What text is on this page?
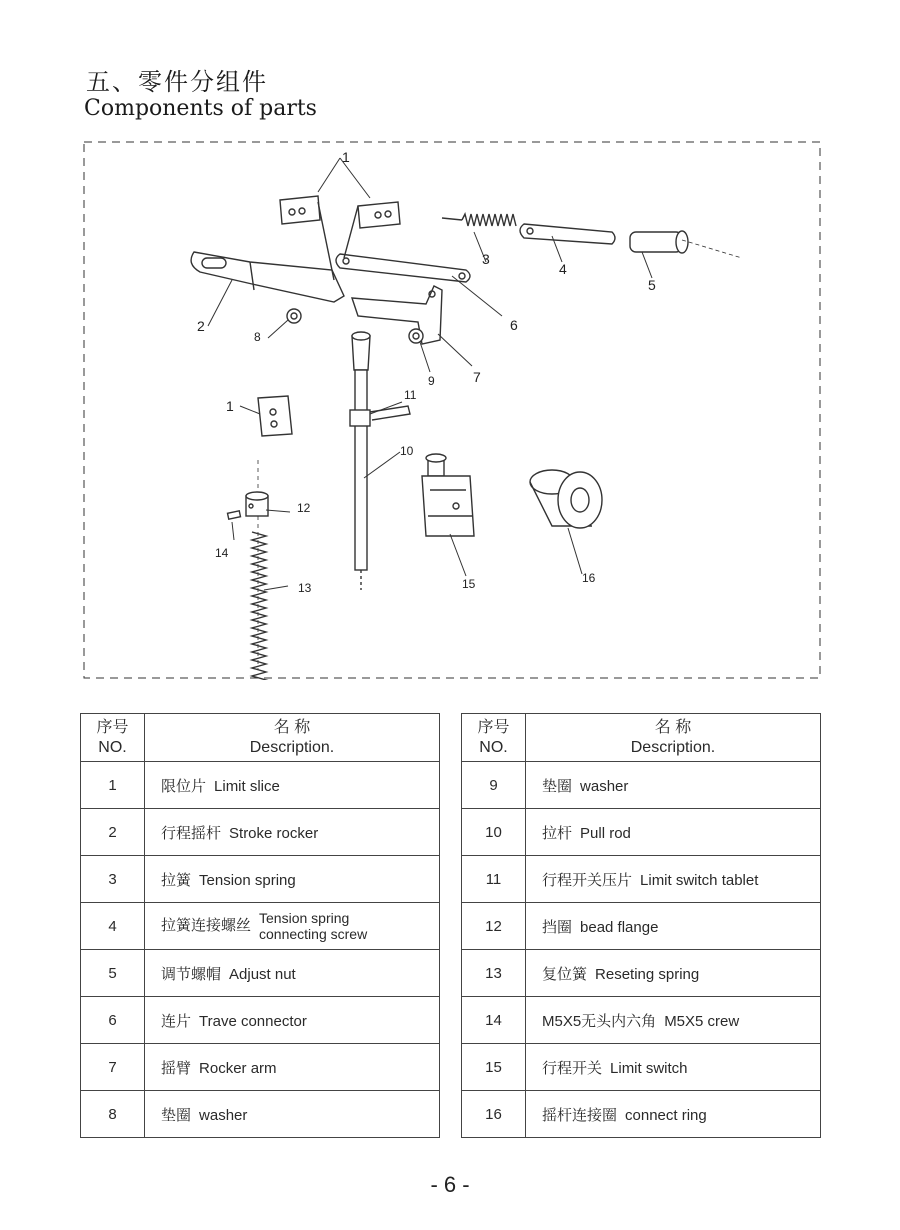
五、零件分组件
Components of parts
1
1
2
3
4
5
6
7
8
9
10
11
12
13
14
15	16
序号
NO.	名 称
Description.
1	限位片 Limit slice
2	行程摇杆 Stroke rocker
3	拉簧 Tension spring
4	拉簧连接螺丝 Tension spring
connecting screw
5	调节螺帽 Adjust nut
6	连片 Trave connector
7	摇臂 Rocker arm
8	垫圈 washer
序号
NO.	名 称
Description.
9	垫圈 washer
10	拉杆 Pull rod
11	行程开关压片 Limit switch tablet
12	挡圈 bead flange
13	复位簧 Reseting spring
14	M5X5无头内六角 M5X5 crew
15	行程开关 Limit switch
16	摇杆连接圈 connect ring
- 6 -
